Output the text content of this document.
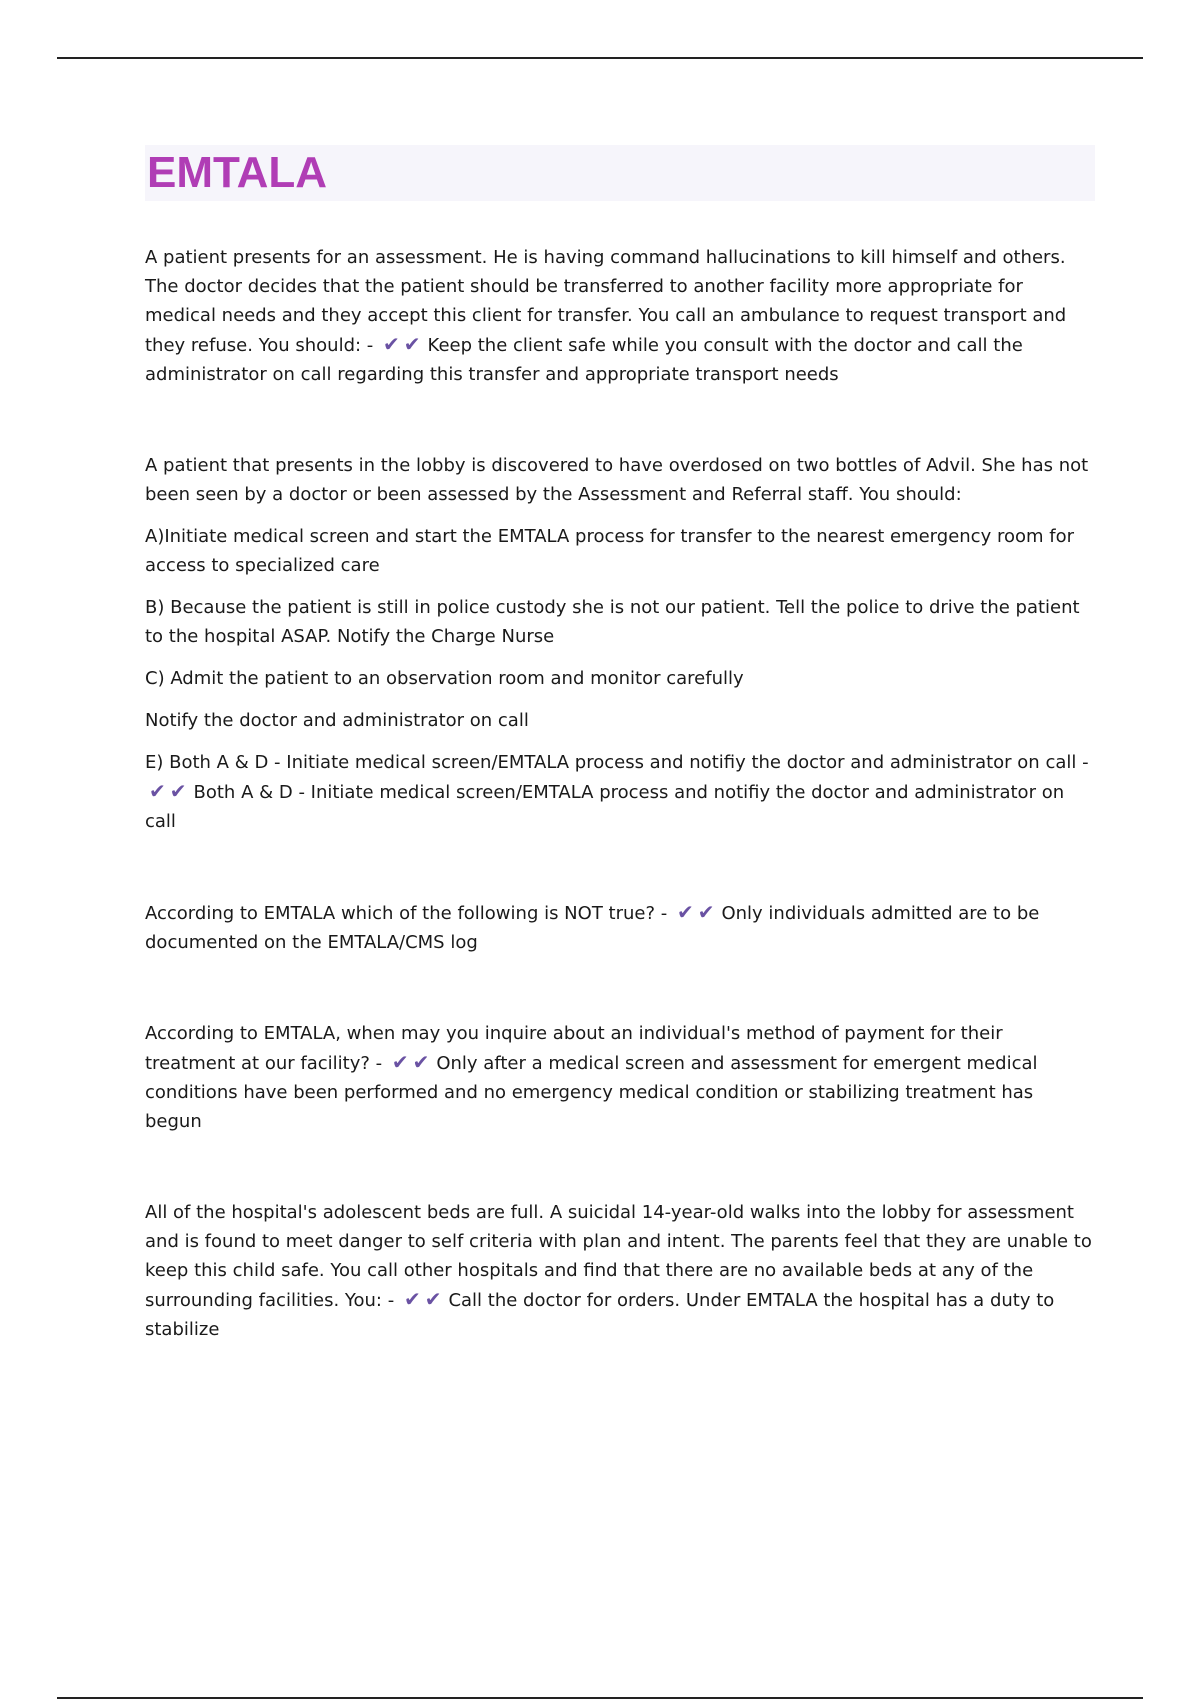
EMTALA

A patient presents for an assessment. He is having command hallucinations to kill himself and others. The doctor decides that the patient should be transferred to another facility more appropriate for medical needs and they accept this client for transfer. You call an ambulance to request transport and they refuse. You should: - ✔✔ Keep the client safe while you consult with the doctor and call the administrator on call regarding this transfer and appropriate transport needs

A patient that presents in the lobby is discovered to have overdosed on two bottles of Advil. She has not been seen by a doctor or been assessed by the Assessment and Referral staff. You should:

A)Initiate medical screen and start the EMTALA process for transfer to the nearest emergency room for access to specialized care

B) Because the patient is still in police custody she is not our patient. Tell the police to drive the patient to the hospital ASAP. Notify the Charge Nurse

C) Admit the patient to an observation room and monitor carefully

Notify the doctor and administrator on call

E) Both A & D - Initiate medical screen/EMTALA process and notifiy the doctor and administrator on call - ✔✔ Both A & D - Initiate medical screen/EMTALA process and notifiy the doctor and administrator on call

According to EMTALA which of the following is NOT true? - ✔✔ Only individuals admitted are to be documented on the EMTALA/CMS log

According to EMTALA, when may you inquire about an individual's method of payment for their treatment at our facility? - ✔✔ Only after a medical screen and assessment for emergent medical conditions have been performed and no emergency medical condition or stabilizing treatment has begun

All of the hospital's adolescent beds are full. A suicidal 14-year-old walks into the lobby for assessment and is found to meet danger to self criteria with plan and intent. The parents feel that they are unable to keep this child safe. You call other hospitals and find that there are no available beds at any of the surrounding facilities. You: - ✔✔ Call the doctor for orders. Under EMTALA the hospital has a duty to stabilize
